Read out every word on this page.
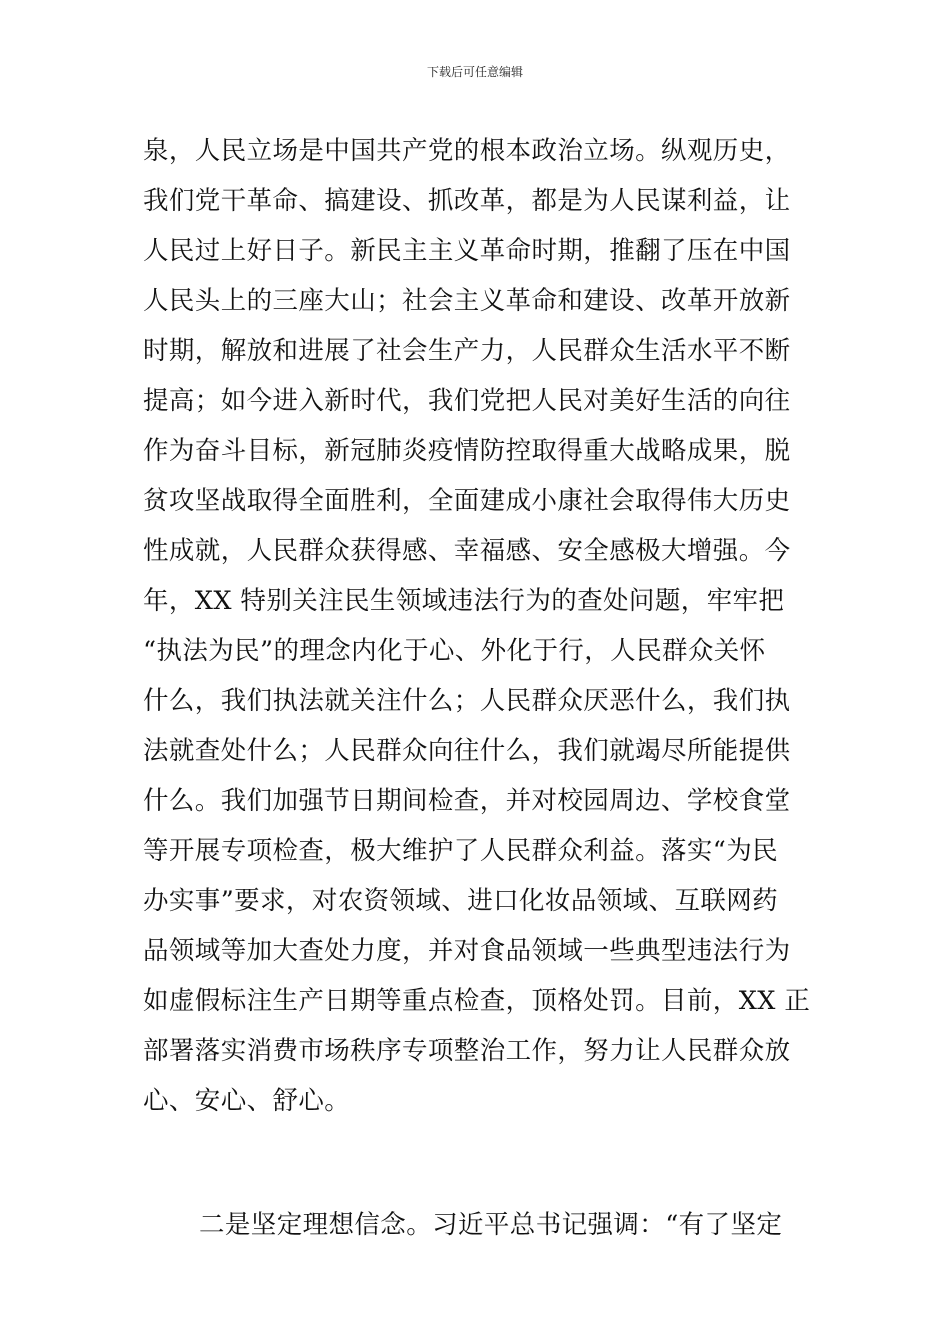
下载后可任意编辑
泉，人民立场是中国共产党的根本政治立场。纵观历史，
我们党干革命、搞建设、抓改革，都是为人民谋利益，让
人民过上好日子。新民主主义革命时期，推翻了压在中国
人民头上的三座大山；社会主义革命和建设、改革开放新
时期，解放和进展了社会生产力，人民群众生活水平不断
提高；如今进入新时代，我们党把人民对美好生活的向往
作为奋斗目标，新冠肺炎疫情防控取得重大战略成果，脱
贫攻坚战取得全面胜利，全面建成小康社会取得伟大历史
性成就，人民群众获得感、幸福感、安全感极大增强。今
年，XX 特别关注民生领域违法行为的查处问题，牢牢把
“执法为民”的理念内化于心、外化于行，人民群众关怀
什么，我们执法就关注什么；人民群众厌恶什么，我们执
法就查处什么；人民群众向往什么，我们就竭尽所能提供
什么。我们加强节日期间检查，并对校园周边、学校食堂
等开展专项检查，极大维护了人民群众利益。落实“为民
办实事”要求，对农资领域、进口化妆品领域、互联网药
品领域等加大查处力度，并对食品领域一些典型违法行为
如虚假标注生产日期等重点检查，顶格处罚。目前，XX 正
部署落实消费市场秩序专项整治工作，努力让人民群众放
心、安心、舒心。
二是坚定理想信念。习近平总书记强调：“有了坚定
